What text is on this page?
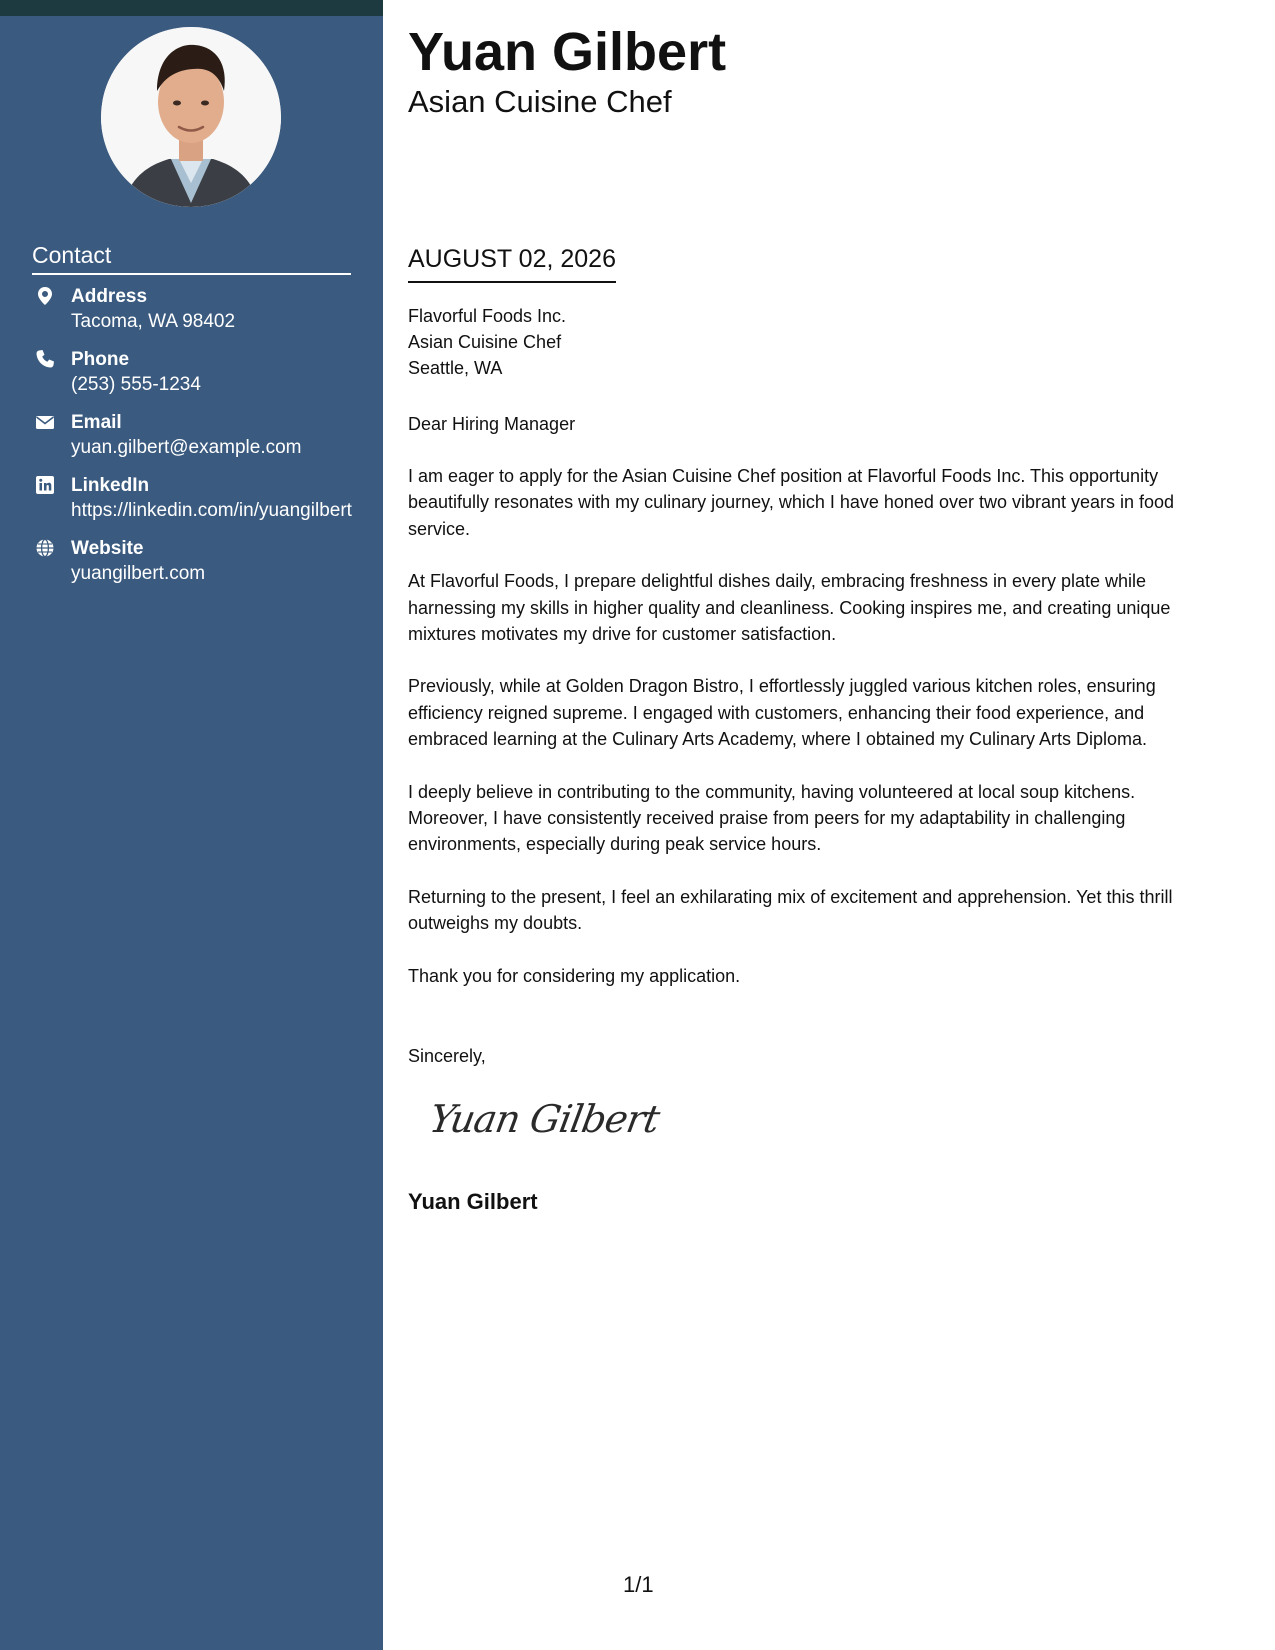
Contact
Address
Tacoma, WA 98402
Phone
(253) 555-1234
Email
yuan.gilbert@example.com
LinkedIn
https://linkedin.com/in/yuangilbert
Website
yuangilbert.com
Yuan Gilbert
Asian Cuisine Chef
AUGUST 02, 2026
Flavorful Foods Inc.
Asian Cuisine Chef
Seattle, WA
Dear Hiring Manager

I am eager to apply for the Asian Cuisine Chef position at Flavorful Foods Inc. This opportunity beautifully resonates with my culinary journey, which I have honed over two vibrant years in food service.

At Flavorful Foods, I prepare delightful dishes daily, embracing freshness in every plate while harnessing my skills in higher quality and cleanliness. Cooking inspires me, and creating unique mixtures motivates my drive for customer satisfaction.

Previously, while at Golden Dragon Bistro, I effortlessly juggled various kitchen roles, ensuring efficiency reigned supreme. I engaged with customers, enhancing their food experience, and embraced learning at the Culinary Arts Academy, where I obtained my Culinary Arts Diploma.

I deeply believe in contributing to the community, having volunteered at local soup kitchens. Moreover, I have consistently received praise from peers for my adaptability in challenging environments, especially during peak service hours.

Returning to the present, I feel an exhilarating mix of excitement and apprehension. Yet this thrill outweighs my doubts.

Thank you for considering my application.

Sincerely,
Yuan Gilbert
Yuan Gilbert
1/1
